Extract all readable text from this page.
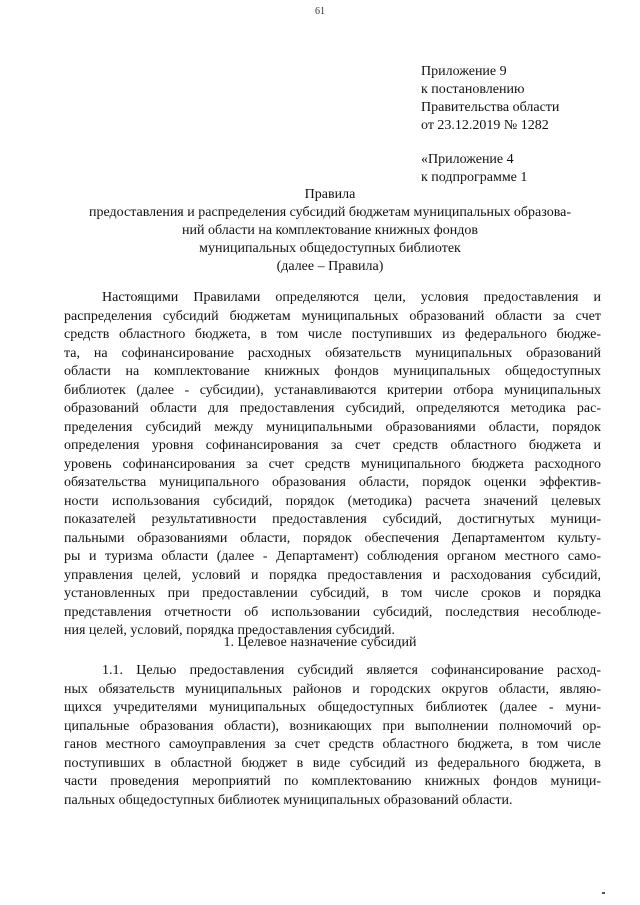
61
Приложение 9
к постановлению
Правительства области
от 23.12.2019 № 1282
«Приложение 4
к подпрограмме 1
Правила
предоставления и распределения субсидий бюджетам муниципальных образова-
ний области на комплектование книжных фондов
муниципальных общедоступных библиотек
(далее – Правила)
Настоящими Правилами определяются цели, условия предоставления и
распределения субсидий бюджетам муниципальных образований области за счет
средств областного бюджета, в том числе поступивших из федерального бюдже-
та, на софинансирование расходных обязательств муниципальных образований
области на комплектование книжных фондов муниципальных общедоступных
библиотек (далее - субсидии), устанавливаются критерии отбора муниципальных
образований области для предоставления субсидий, определяются методика рас-
пределения субсидий между муниципальными образованиями области, порядок
определения уровня софинансирования за счет средств областного бюджета и
уровень софинансирования за счет средств муниципального бюджета расходного
обязательства муниципального образования области, порядок оценки эффектив-
ности использования субсидий, порядок (методика) расчета значений целевых
показателей результативности предоставления субсидий, достигнутых муници-
пальными образованиями области, порядок обеспечения Департаментом культу-
ры и туризма области (далее - Департамент) соблюдения органом местного само-
управления целей, условий и порядка предоставления и расходования субсидий,
установленных при предоставлении субсидий, в том числе сроков и порядка
представления отчетности об использовании субсидий, последствия несоблюде-
ния целей, условий, порядка предоставления субсидий.
1. Целевое назначение субсидий
1.1. Целью предоставления субсидий является софинансирование расход-
ных обязательств муниципальных районов и городских округов области, являю-
щихся учредителями муниципальных общедоступных библиотек (далее - муни-
ципальные образования области), возникающих при выполнении полномочий ор-
ганов местного самоуправления за счет средств областного бюджета, в том числе
поступивших в областной бюджет в виде субсидий из федерального бюджета, в
части проведения мероприятий по комплектованию книжных фондов муници-
пальных общедоступных библиотек муниципальных образований области.
